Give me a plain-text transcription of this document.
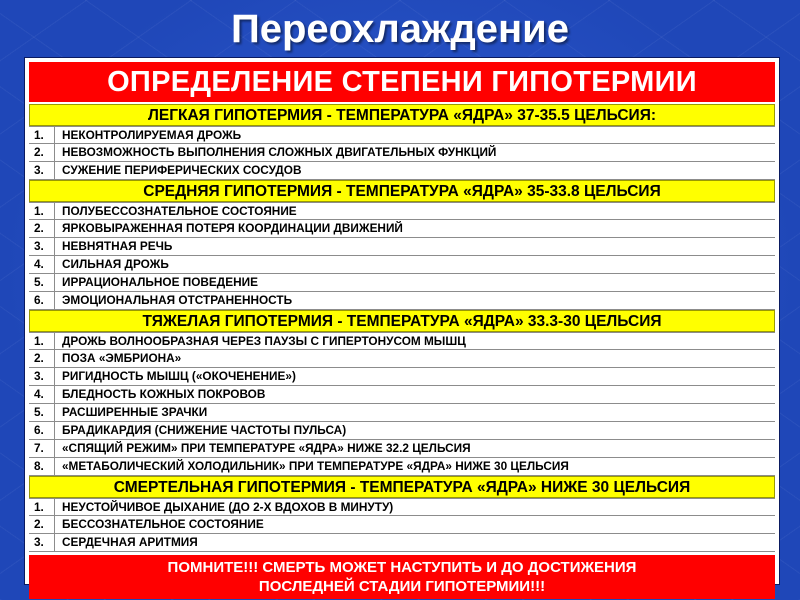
Переохлаждение
ОПРЕДЕЛЕНИЕ СТЕПЕНИ ГИПОТЕРМИИ
ЛЕГКАЯ ГИПОТЕРМИЯ - ТЕМПЕРАТУРА «ЯДРА» 37-35.5 ЦЕЛЬСИЯ:
1.	НЕКОНТРОЛИРУЕМАЯ ДРОЖЬ
2.	НЕВОЗМОЖНОСТЬ ВЫПОЛНЕНИЯ СЛОЖНЫХ ДВИГАТЕЛЬНЫХ ФУНКЦИЙ
3.	СУЖЕНИЕ ПЕРИФЕРИЧЕСКИХ СОСУДОВ
СРЕДНЯЯ ГИПОТЕРМИЯ - ТЕМПЕРАТУРА «ЯДРА» 35-33.8 ЦЕЛЬСИЯ
1.	ПОЛУБЕССОЗНАТЕЛЬНОЕ СОСТОЯНИЕ
2.	ЯРКОВЫРАЖЕННАЯ ПОТЕРЯ КООРДИНАЦИИ ДВИЖЕНИЙ
3.	НЕВНЯТНАЯ РЕЧЬ
4.	СИЛЬНАЯ ДРОЖЬ
5.	ИРРАЦИОНАЛЬНОЕ ПОВЕДЕНИЕ
6.	ЭМОЦИОНАЛЬНАЯ ОТСТРАНЕННОСТЬ
ТЯЖЕЛАЯ ГИПОТЕРМИЯ - ТЕМПЕРАТУРА «ЯДРА» 33.3-30 ЦЕЛЬСИЯ
1.	ДРОЖЬ ВОЛНООБРАЗНАЯ ЧЕРЕЗ ПАУЗЫ С ГИПЕРТОНУСОМ МЫШЦ
2.	ПОЗА «ЭМБРИОНА»
3.	РИГИДНОСТЬ МЫШЦ («ОКОЧЕНЕНИЕ»)
4.	БЛЕДНОСТЬ КОЖНЫХ ПОКРОВОВ
5.	РАСШИРЕННЫЕ ЗРАЧКИ
6.	БРАДИКАРДИЯ (СНИЖЕНИЕ ЧАСТОТЫ ПУЛЬСА)
7.	«СПЯЩИЙ РЕЖИМ» ПРИ ТЕМПЕРАТУРЕ «ЯДРА» НИЖЕ 32.2 ЦЕЛЬСИЯ
8.	«МЕТАБОЛИЧЕСКИЙ ХОЛОДИЛЬНИК» ПРИ ТЕМПЕРАТУРЕ «ЯДРА» НИЖЕ 30 ЦЕЛЬСИЯ
СМЕРТЕЛЬНАЯ ГИПОТЕРМИЯ - ТЕМПЕРАТУРА «ЯДРА» НИЖЕ 30 ЦЕЛЬСИЯ
1.	НЕУСТОЙЧИВОЕ ДЫХАНИЕ (ДО 2-Х ВДОХОВ В МИНУТУ)
2.	БЕССОЗНАТЕЛЬНОЕ СОСТОЯНИЕ
3.	СЕРДЕЧНАЯ АРИТМИЯ
ПОМНИТЕ!!! СМЕРТЬ МОЖЕТ НАСТУПИТЬ И ДО ДОСТИЖЕНИЯ
ПОСЛЕДНЕЙ СТАДИИ ГИПОТЕРМИИ!!!
